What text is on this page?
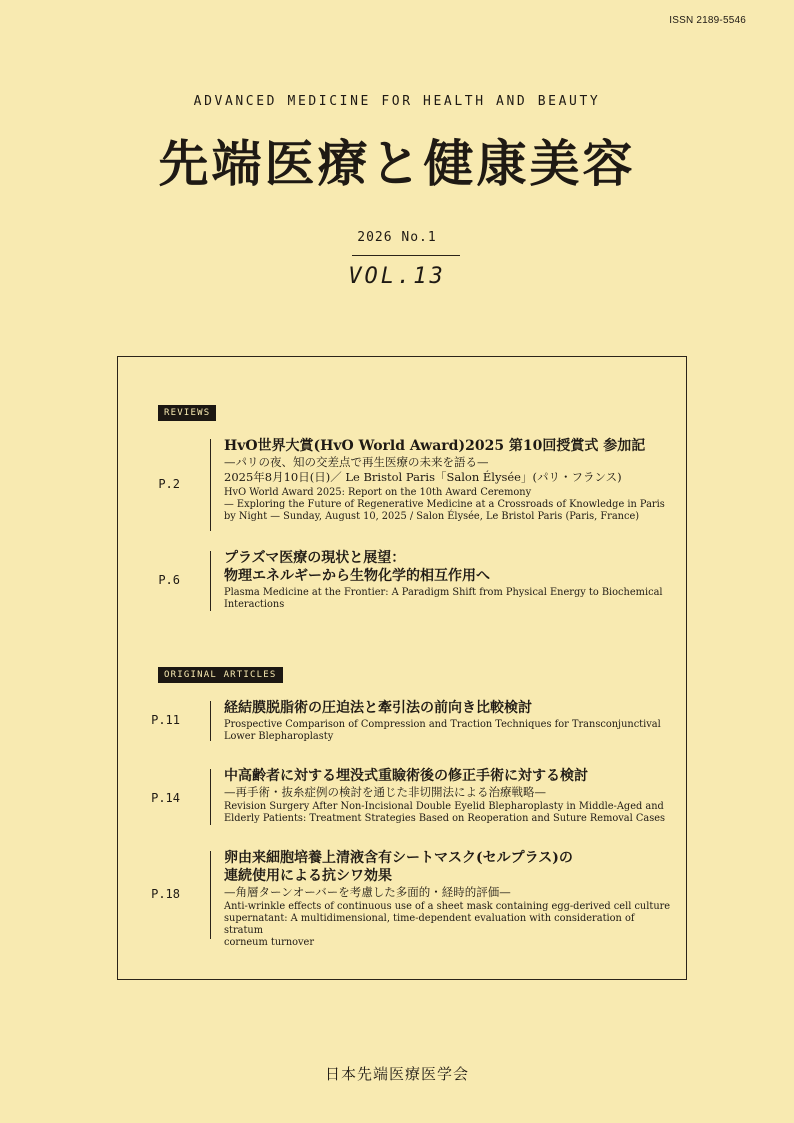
ISSN 2189-5546
ADVANCED MEDICINE FOR HEALTH AND BEAUTY
先端医療と健康美容
2026 No.1
VOL.13
REVIEWS
P.2
HvO世界大賞(HvO World Award)2025 第10回授賞式 参加記
—パリの夜、知の交差点で再生医療の未来を語る—
2025年8月10日(日)／ Le Bristol Paris「Salon Élysée」(パリ・フランス)
HvO World Award 2025: Report on the 10th Award Ceremony
— Exploring the Future of Regenerative Medicine at a Crossroads of Knowledge in Paris
by Night — Sunday, August 10, 2025 / Salon Élysée, Le Bristol Paris (Paris, France)
P.6
プラズマ医療の現状と展望：
物理エネルギーから生物化学的相互作用へ
Plasma Medicine at the Frontier: A Paradigm Shift from Physical Energy to Biochemical
Interactions
ORIGINAL ARTICLES
P.11
経結膜脱脂術の圧迫法と牽引法の前向き比較検討
Prospective Comparison of Compression and Traction Techniques for Transconjunctival
Lower Blepharoplasty
P.14
中高齢者に対する埋没式重瞼術後の修正手術に対する検討
—再手術・抜糸症例の検討を通じた非切開法による治療戦略—
Revision Surgery After Non-Incisional Double Eyelid Blepharoplasty in Middle-Aged and
Elderly Patients: Treatment Strategies Based on Reoperation and Suture Removal Cases
P.18
卵由来細胞培養上清液含有シートマスク(セルプラス)の
連続使用による抗シワ効果
—角層ターンオーバーを考慮した多面的・経時的評価—
Anti-wrinkle effects of continuous use of a sheet mask containing egg-derived cell culture
supernatant: A multidimensional, time-dependent evaluation with consideration of stratum
corneum turnover
日本先端医療医学会
